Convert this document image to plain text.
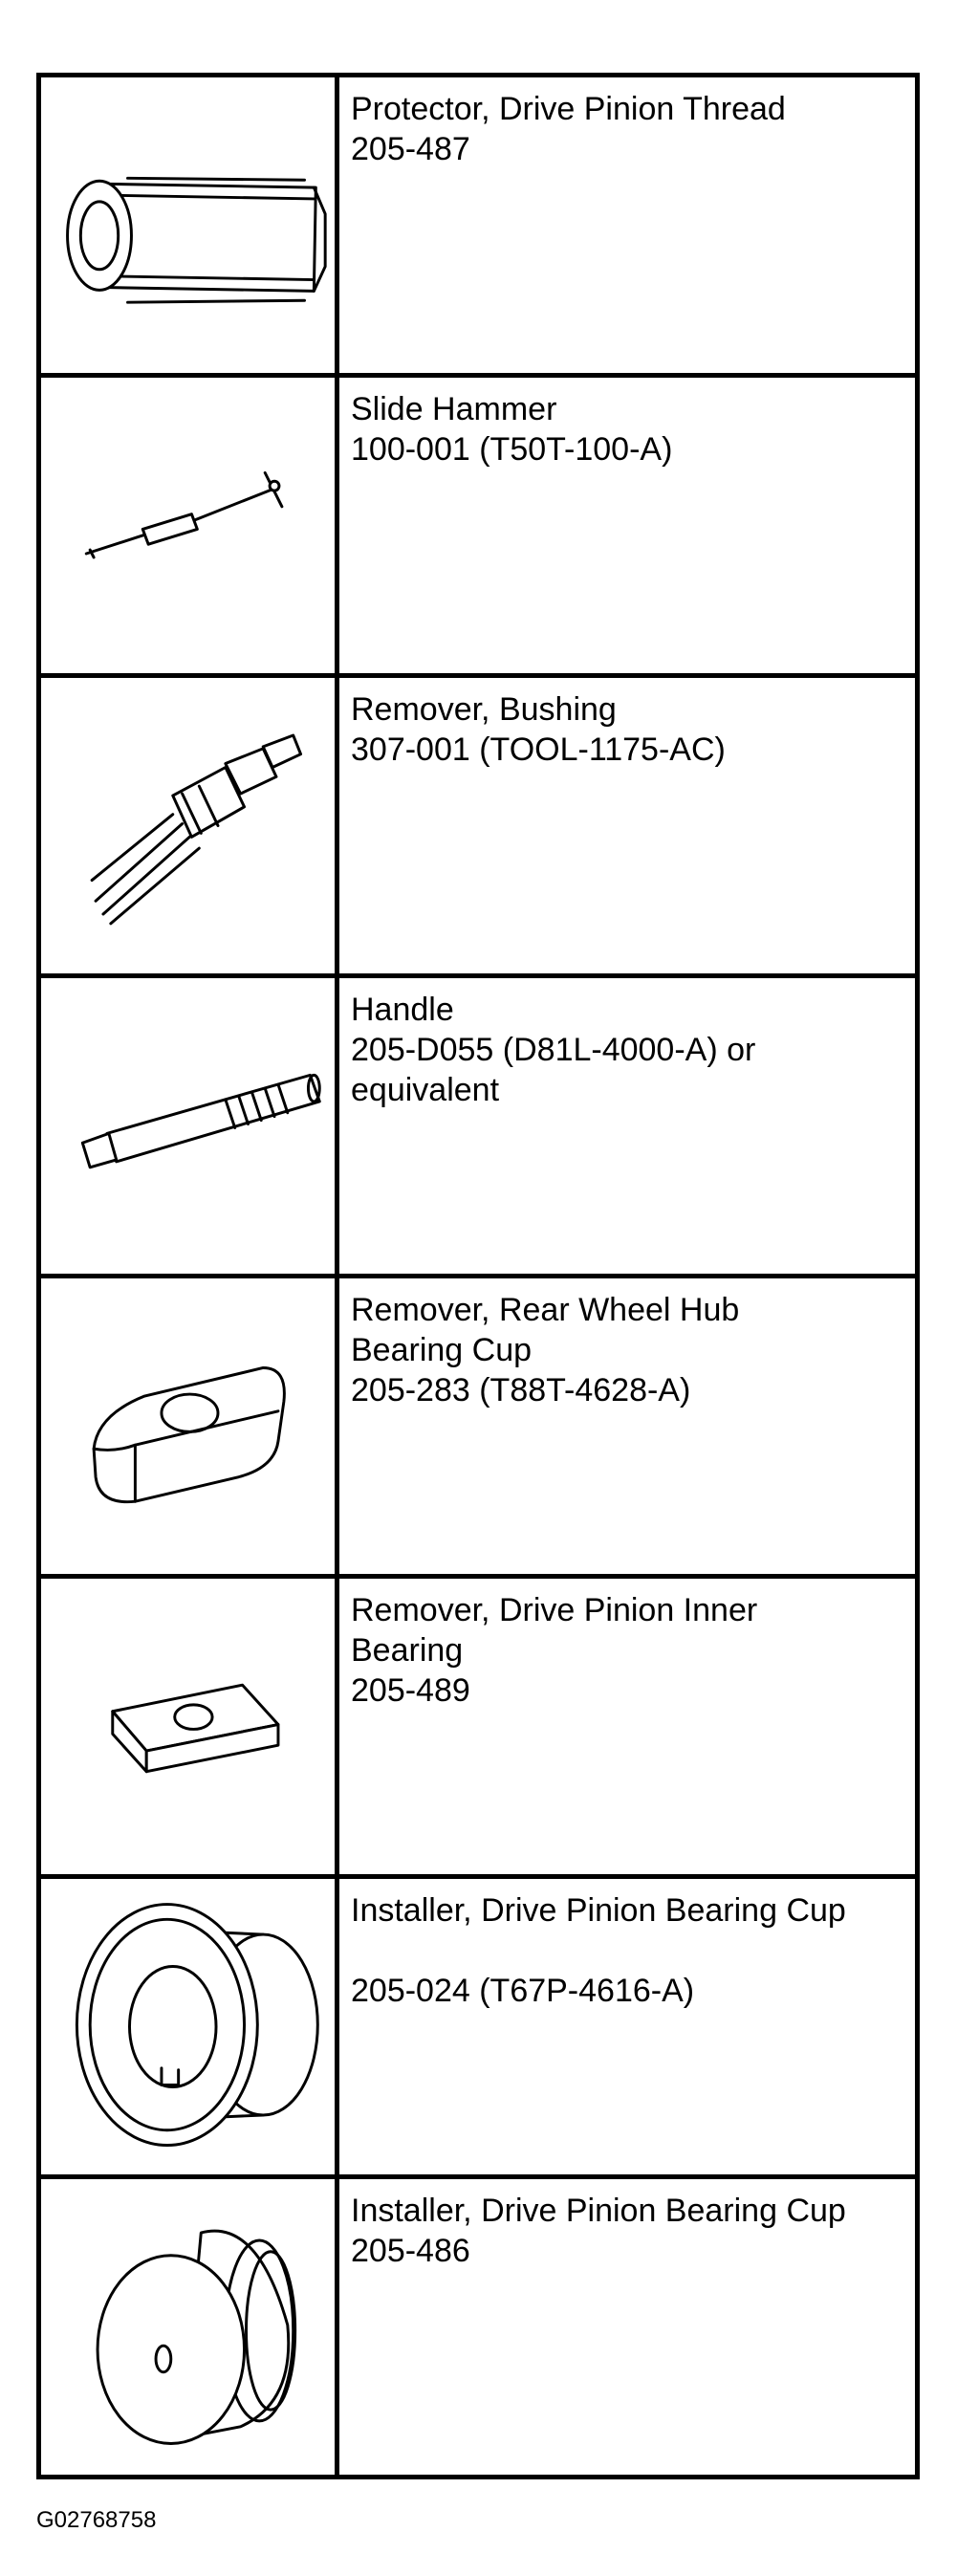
Protector, Drive Pinion Thread
205-487

Slide Hammer
100-001 (T50T-100-A)

Remover, Bushing
307-001 (TOOL-1175-AC)

Handle
205-D055 (D81L-4000-A) or
equivalent

Remover, Rear Wheel Hub
Bearing Cup
205-283 (T88T-4628-A)

Remover, Drive Pinion Inner
Bearing
205-489

Installer, Drive Pinion Bearing Cup
205-024 (T67P-4616-A)

Installer, Drive Pinion Bearing Cup
205-486
G02768758
